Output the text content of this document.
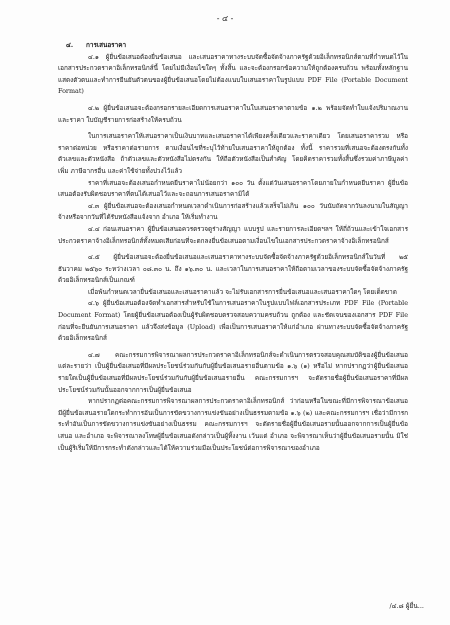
- ๔ -
๔. การเสนอราคา

๔.๑ ผู้ยื่นข้อเสนอต้องยื่นข้อเสนอ และเสนอราคาทางระบบจัดซื้อจัดจ้างภาครัฐด้วยอิเล็กทรอนิกส์ตามที่กำหนดไว้ในเอกสารประกวดราคาอิเล็กทรอนิกส์นี้ โดยไม่มีเงื่อนไขใดๆ ทั้งสิ้น และจะต้องกรอกข้อความให้ถูกต้องครบถ้วน พร้อมทั้งหลักฐานแสดงตัวตนและทำการยืนยันตัวตนของผู้ยื่นข้อเสนอโดยไม่ต้องแนบใบเสนอราคาในรูปแบบ PDF File (Portable Document Format)

๔.๒ ผู้ยื่นข้อเสนอจะต้องกรอกรายละเอียดการเสนอราคาในใบเสนอราคาตามข้อ ๑.๒ พร้อมจัดทำใบแจ้งปริมาณงานและราคา ใบบัญชีรายการก่อสร้างให้ครบถ้วน

ในการเสนอราคาให้เสนอราคาเป็นเงินบาทและเสนอราคาได้เพียงครั้งเดียวและราคาเดียว โดยเสนอราคารวม หรือราคาต่อหน่วย หรือราคาต่อรายการ ตามเงื่อนไขที่ระบุไว้ท้ายใบเสนอราคาให้ถูกต้อง ทั้งนี้ ราคารวมที่เสนอจะต้องตรงกันทั้งตัวเลขและตัวหนังสือ ถ้าตัวเลขและตัวหนังสือไม่ตรงกัน ให้ถือตัวหนังสือเป็นสำคัญ โดยคิดราคารวมทั้งสิ้นซึ่งรวมค่าภาษีมูลค่าเพิ่ม ภาษีอากรอื่น และค่าใช้จ่ายทั้งปวงไว้แล้ว

ราคาที่เสนอจะต้องเสนอกำหนดยืนราคาไม่น้อยกว่า ๑๐๐ วัน ตั้งแต่วันเสนอราคาโดยภายในกำหนดยืนราคา ผู้ยื่นข้อเสนอต้องรับผิดชอบราคาที่ตนได้เสนอไว้และจะถอนการเสนอราคามิได้

๔.๓ ผู้ยื่นข้อเสนอจะต้องเสนอกำหนดเวลาดำเนินการก่อสร้างแล้วเสร็จไม่เกิน ๑๐๐ วันนับถัดจากวันลงนามในสัญญาจ้างหรือจากวันที่ได้รับหนังสือแจ้งจาก อำเภอ ให้เริ่มทำงาน

๔.๔ ก่อนเสนอราคา ผู้ยื่นข้อเสนอควรตรวจดูร่างสัญญา แบบรูป และรายการละเอียดฯลฯ ให้ถี่ถ้วนและเข้าใจเอกสารประกวดราคาจ้างอิเล็กทรอนิกส์ทั้งหมดเสียก่อนที่จะตกลงยื่นข้อเสนอตามเงื่อนไขในเอกสารประกวดราคาจ้างอิเล็กทรอนิกส์

๔.๕ ผู้ยื่นข้อเสนอจะต้องยื่นข้อเสนอและเสนอราคาทางระบบจัดซื้อจัดจ้างภาครัฐด้วยอิเล็กทรอนิกส์ในวันที่ ๒๕ ธันวาคม ๒๕๖๐ ระหว่างเวลา ๐๘.๓๐ น. ถึง ๑๖.๓๐ น. และเวลาในการเสนอราคาให้ถือตามเวลาของระบบจัดซื้อจัดจ้างภาครัฐด้วยอิเล็กทรอนิกส์เป็นเกณฑ์

เมื่อพ้นกำหนดเวลายื่นข้อเสนอและเสนอราคาแล้ว จะไม่รับเอกสารการยื่นข้อเสนอและเสนอราคาใดๆ โดยเด็ดขาด

๔.๖ ผู้ยื่นข้อเสนอต้องจัดทำเอกสารสำหรับใช้ในการเสนอราคาในรูปแบบไฟล์เอกสารประเภท PDF File (Portable Document Format) โดยผู้ยื่นข้อเสนอต้องเป็นผู้รับผิดชอบตรวจสอบความครบถ้วน ถูกต้อง และชัดเจนของเอกสาร PDF File ก่อนที่จะยืนยันการเสนอราคา แล้วจึงส่งข้อมูล (Upload) เพื่อเป็นการเสนอราคาให้แก่อำเภอ ผ่านทางระบบจัดซื้อจัดจ้างภาครัฐด้วยอิเล็กทรอนิกส์

๔.๗ คณะกรรมการพิจารณาผลการประกวดราคาอิเล็กทรอนิกส์จะดำเนินการตรวจสอบคุณสมบัติของผู้ยื่นข้อเสนอแต่ละรายว่า เป็นผู้ยื่นข้อเสนอที่มีผลประโยชน์ร่วมกันกับผู้ยื่นข้อเสนอรายอื่นตามข้อ ๑.๖ (๑) หรือไม่ หากปรากฏว่าผู้ยื่นข้อเสนอรายใดเป็นผู้ยื่นข้อเสนอที่มีผลประโยชน์ร่วมกันกับผู้ยื่นข้อเสนอรายอื่น คณะกรรมการฯ จะตัดรายชื่อผู้ยื่นข้อเสนอราคาที่มีผลประโยชน์ร่วมกันนั้นออกจากการเป็นผู้ยื่นข้อเสนอ

หากปรากฏต่อคณะกรรมการพิจารณาผลการประกวดราคาอิเล็กทรอนิกส์ ว่าก่อนหรือในขณะที่มีการพิจารณาข้อเสนอ มีผู้ยื่นข้อเสนอรายใดกระทำการอันเป็นการขัดขวางการแข่งขันอย่างเป็นธรรมตามข้อ ๑.๖ (๒) และคณะกรรมการฯ เชื่อว่ามีการกระทำอันเป็นการขัดขวางการแข่งขันอย่างเป็นธรรม คณะกรรมการฯ จะตัดรายชื่อผู้ยื่นข้อเสนอรายนั้นออกจากการเป็นผู้ยื่นข้อเสนอ และอำเภอ จะพิจารณาลงโทษผู้ยื่นข้อเสนอดังกล่าวเป็นผู้ทิ้งงาน เว้นแต่ อำเภอ จะพิจารณาเห็นว่าผู้ยื่นข้อเสนอรายนั้น มิใช่เป็นผู้ริเริ่มให้มีการกระทำดังกล่าวและได้ให้ความร่วมมือเป็นประโยชน์ต่อการพิจารณาของอำเภอ

/๔.๘ ผู้ยื่น...
